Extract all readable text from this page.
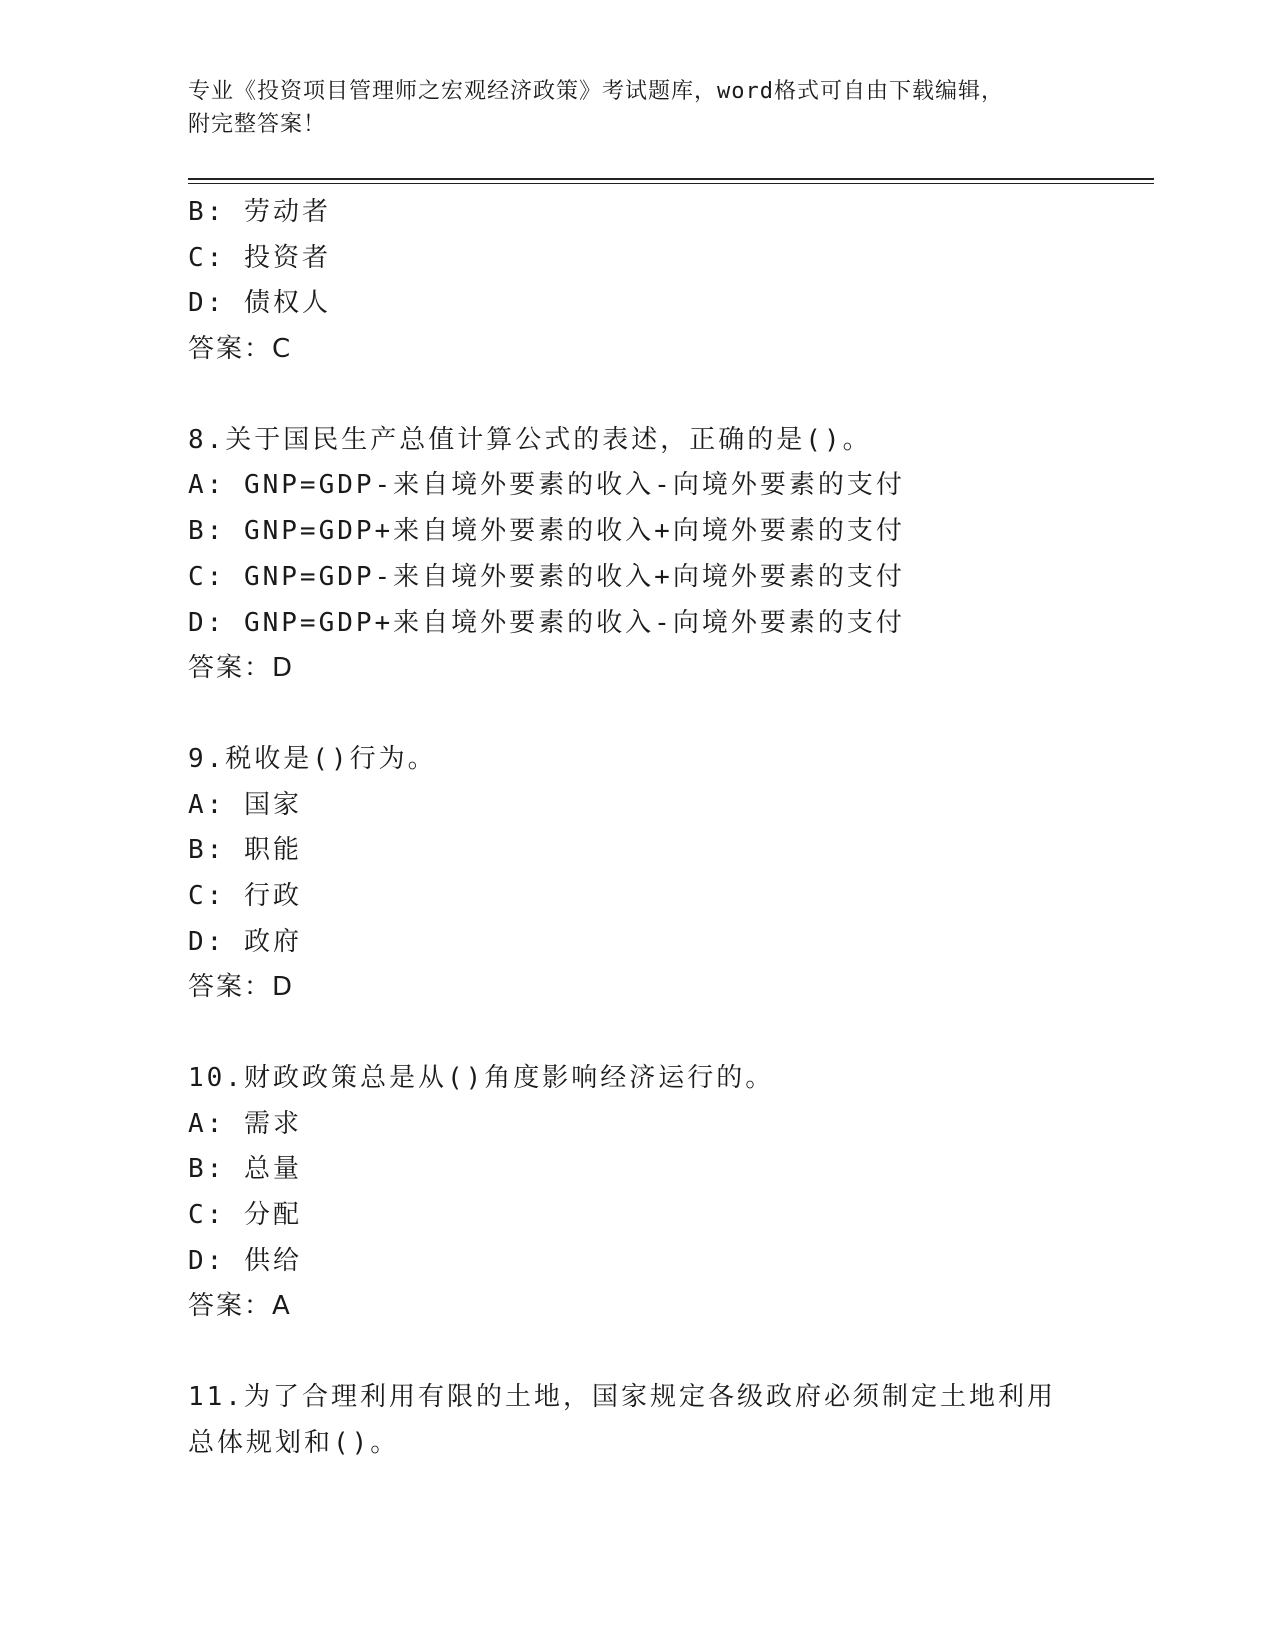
专业《投资项目管理师之宏观经济政策》考试题库，word格式可自由下载编辑，
附完整答案！
B: 劳动者
C: 投资者
D: 债权人
答案：C
8.关于国民生产总值计算公式的表述，正确的是()。
A: GNP=GDP-来自境外要素的收入-向境外要素的支付
B: GNP=GDP+来自境外要素的收入+向境外要素的支付
C: GNP=GDP-来自境外要素的收入+向境外要素的支付
D: GNP=GDP+来自境外要素的收入-向境外要素的支付
答案：D
9.税收是()行为。
A: 国家
B: 职能
C: 行政
D: 政府
答案：D
10.财政政策总是从()角度影响经济运行的。
A: 需求
B: 总量
C: 分配
D: 供给
答案：A
11.为了合理利用有限的土地，国家规定各级政府必须制定土地利用总体规划和()。
